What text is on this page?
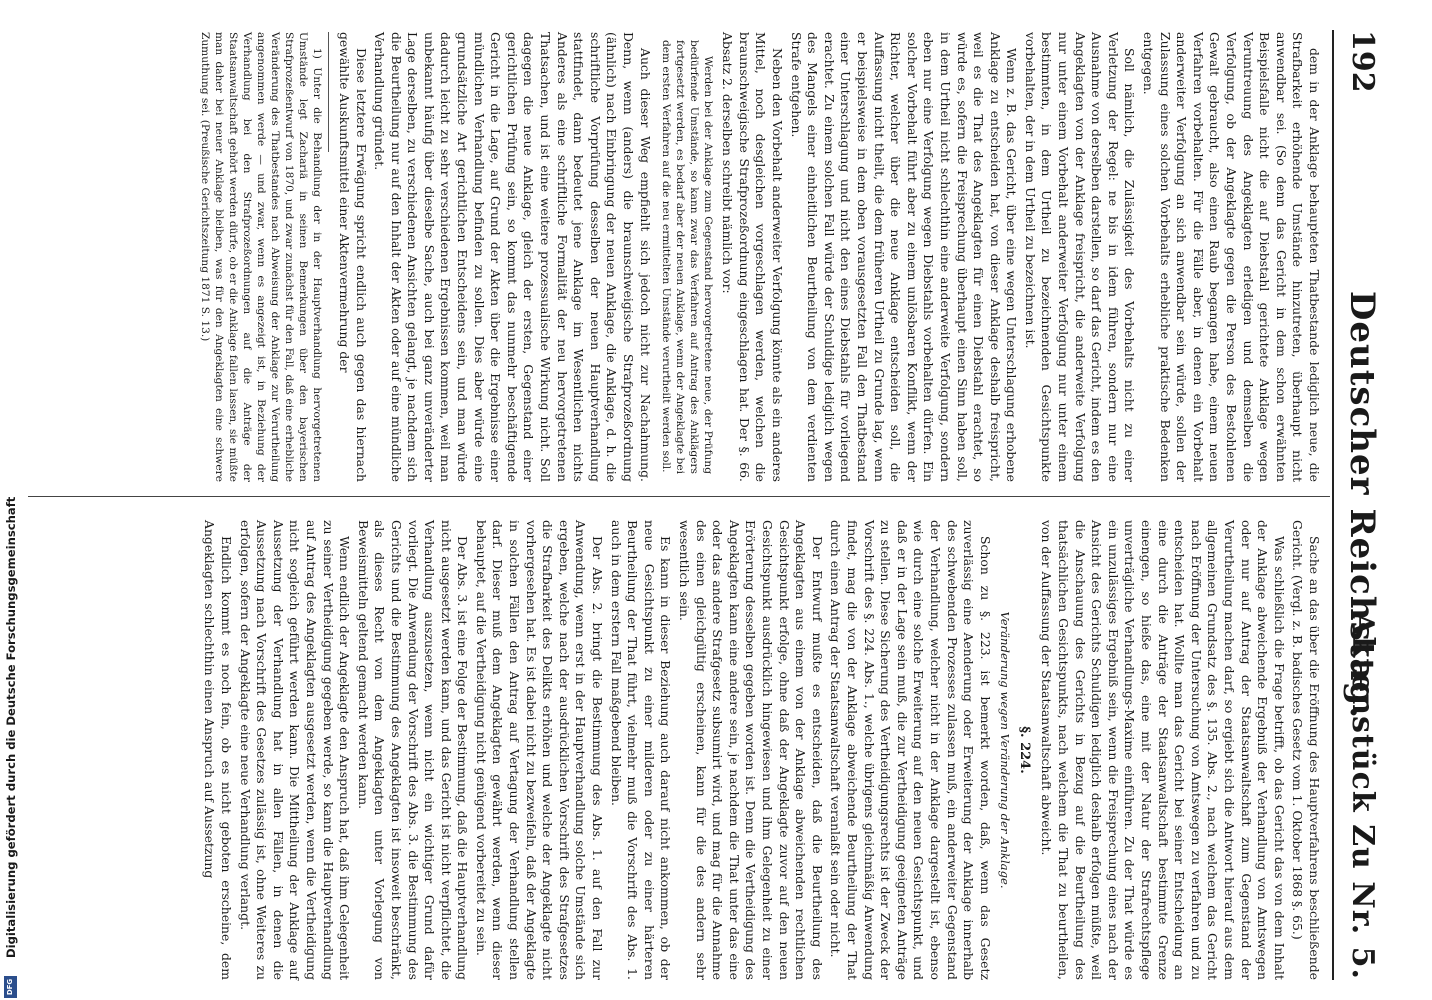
192
Deutscher Reichstag.
Aktenstück Zu Nr. 5.

dem in der Anklage behaupteten Thatbestande lediglich neue, die Strafbarkeit erhöhende Umstände hinzutreten, überhaupt nicht anwendbar sei. (So denn das Gericht in dem schon erwähnten Beispielsfalle nicht die auf Diebstahl gerichtete Anklage wegen Veruntreuung des Angeklagten erledigen und demselben die Verfolgung, ob der Angeklagte gegen die Person des Bestohlenen Gewalt gebraucht, also einen Raub begangen habe, einem neuen Verfahren vorbehalten. Für die Fälle aber, in denen ein Vorbehalt anderweiter Verfolgung an sich anwendbar sein würde, sollen der Zulassung eines solchen Vorbehalts erhebliche praktische Bedenken entgegen.

Soll nämlich, die Zulässigkeit des Vorbehalts nicht zu einer Verletzung der Regel: ne bis in idem führen, sondern nur eine Ausnahme von derselben darstellen, so darf das Gericht, indem es den Angeklagten von der Anklage freispricht, die anderweite Verfolgung nur unter einem Vorbehalt anderweiter Verfolgung nur unter einem bestimmten, in dem Urtheil zu bezeichnenden Gesichtspunkte vorbehalten, der in dem Urtheil zu bezeichnen ist.

Wenn z. B. das Gericht, über eine wegen Unterschlagung erhobene Anklage zu entscheiden hat, von dieser Anklage deshalb freispricht, weil es die That des Angeklagten für einen Diebstahl erachtet, so würde es, sofern die Freisprechung überhaupt einen Sinn haben soll, in dem Urtheil nicht schlechthin eine anderweite Verfolgung, sondern eben nur eine Verfolgung wegen Diebstahls vorbehalten dürfen. Ein solcher Vorbehalt führt aber zu einem unlösbaren Konflikt, wenn der Richter, welcher über die neue Anklage entscheiden soll, die Auffassung nicht theilt, die dem früheren Urtheil zu Grunde lag, wenn er beispielsweise in dem oben vorausgesetzten Fall den Thatbestand einer Unterschlagung und nicht den eines Diebstahls für vorliegend erachtet. Zu einem solchen Fall würde der Schuldige lediglich wegen des Mangels einer einheitlichen Beurtheilung von dem verdienten Strafe entgehen.

Neben den Vorbehalt anderweiter Verfolgung könnte als ein anderes Mittel, noch desgleichen vorgeschlagen werden, welchen die braunschweigische Strafprozeßordnung eingeschlagen hat. Der §. 66. Absatz 2. derselben schreibt nämlich vor:

Werden bei der Anklage zum Gegenstand hervorgetretene neue, der Prüfung bedürfende Umstände, so kann zwar das Verfahren auf Antrag des Anklägers fortgesetzt werden, es bedarf aber der neuen Anklage, wenn der Angeklagte bei dem ersten Verfahren auf die neu ermittelten Umstände verurtheilt werden soll.

Auch dieser Weg empfiehlt sich jedoch nicht zur Nachahmung. Denn, wenn (anders) die braunschweigische Strafprozeßordnung (ähnlich) nach Einbringung der neuen Anklage, die Anklage, d. h. die schriftliche Vorprüfung desselben der neuen Hauptverhandlung stattfindet, dann bedeutet jene Anklage im Wesentlichen nichts Anderes als eine schriftliche Formalität der neu hervorgetretenen Thatsachen, und ist eine weitere prozessualische Wirkung nicht. Soll dagegen die neue Anklage, gleich der ersten, Gegenstand einer gerichtlichen Prüfung sein, so kommt das nunmehr beschäftigende Gericht in die Lage, auf Grund der Akten über die Ergebnisse einer mündlichen Verhandlung befinden zu sollen. Dies aber würde eine grundsätzliche Art gerichtlichen Entscheidens sein, und man würde dadurch leicht zu sehr verschiedenen Ergebnissen kommen, weil man unbekannt häufig über dieselbe Sache, auch bei ganz unveränderter Lage derselben, zu verschiedenen Ansichten gelangt, je nachdem sich die Beurtheilung nur auf den Inhalt der Akten oder auf eine mündliche Verhandlung gründet.

Diese letztere Erwägung spricht endlich auch gegen das hiernach gewählte Auskunftsmittel einer Aktenvermehrung der

1) Unter die Behandlung der in der Hauptverhandlung hervorgetretenen Umstände legt Zachariä in seinen Bemerkungen über den bayerischen Strafprozeßentwurf von 1870, und zwar zunächst für den Fall, daß eine erhebliche Veränderung des Thatbestandes nach Abweisung der Anklage zur Verurtheilung angenommen werde — und zwar, wenn es angezeigt ist, in Beziehung der Verhandlung bei den Strafprozeßordnungen auf die Anträge der Staatsanwaltschaft gehört werden dürfe, ob er die Anklage fallen lassen, sie müßte man daher bei neuer Anklage bleiben, was für den Angeklagten eine schwere Zumuthung sei. (Preußische Gerichtszeitung 1871 S. 13.)

Sache an das über die Eröffnung des Hauptverfahrens beschließende Gericht. (Vergl. z. B. badisches Gesetz vom 1. Oktober 1868 §. 65.)

Was schließlich die Frage betrifft, ob das Gericht das von dem Inhalt der Anklage abweichende Ergebniß der Verhandlung von Amtswegen oder nur auf Antrag der Staatsanwaltschaft zum Gegenstand der Verurtheilung machen darf, so ergiebt sich die Antwort hierauf aus dem allgemeinen Grundsatz des §. 135. Abs. 2., nach welchem das Gericht nach Eröffnung der Untersuchung von Amtswegen zu verfahren und zu entscheiden hat. Wollte man das Gericht bei seiner Entscheidung an eine durch die Anträge der Staatsanwaltschaft bestimmte Grenze einengen, so hieße das, eine mit der Natur der Strafrechtspflege unverträgliche Verhandlungs-Maxime einführen. Zu der That würde es ein unzulässiges Ergebniß sein, wenn die Freisprechung eines nach der Ansicht des Gerichts Schuldigen lediglich deshalb erfolgen müßte, weil die Anschauung des Gerichts in Bezug auf die Beurtheilung des thatsächlichen Gesichtspunkts, nach welchem die That zu beurtheilen, von der Auffassung der Staatsanwaltschaft abweicht.

§. 224.
Veränderung wegen Veränderung der Anklage.

Schon zu §. 223. ist bemerkt worden, daß, wenn das Gesetz zuverlässig eine Aenderung oder Erweiterung der Anklage innerhalb des schwebenden Prozesses zulassen muß, ein anderweiter Gegenstand der Verhandlung, welcher nicht in der Anklage dargestellt ist, ebenso wie durch eine solche Erweiterung auf den neuen Gesichtspunkt, und daß er in der Lage sein muß, die zur Vertheidigung geeigneten Anträge zu stellen. Diese Sicherung des Vertheidigungsrechts ist der Zweck der Vorschrift des §. 224. Abs. 1., welche übrigens gleichmäßig Anwendung findet, mag die von der Anklage abweichende Beurtheilung der That durch einen Antrag der Staatsanwaltschaft veranlaßt sein oder nicht.

Der Entwurf mußte es entscheiden, daß die Beurtheilung des Angeklagten aus einem von der Anklage abweichenden rechtlichen Gesichtspunkt erfolge, ohne daß der Angeklagte zuvor auf den neuen Gesichtspunkt ausdrücklich hingewiesen und ihm Gelegenheit zu einer Erörterung desselben gegeben worden ist. Denn die Vertheidigung des Angeklagten kann eine andere sein, je nachdem die That unter das eine oder das andere Strafgesetz subsumirt wird, und mag für die Annahme des einen gleichgültig erscheinen, kann für die des andern sehr wesentlich sein.

Es kann in dieser Beziehung auch darauf nicht ankommen, ob der neue Gesichtspunkt zu einer milderen oder zu einer härteren Beurtheilung der That führt, vielmehr muß die Vorschrift des Abs. 1. auch in dem erstern Fall maßgebend bleiben.

Der Abs. 2. bringt die Bestimmung des Abs. 1. auf den Fall zur Anwendung, wenn erst in der Hauptverhandlung solche Umstände sich ergeben, welche nach der ausdrücklichen Vorschrift des Strafgesetzes die Strafbarkeit des Delikts erhöhen und welche der Angeklagte nicht vorhergesehen hat. Es ist dabei nicht zu bezweifeln, daß der Angeklagte in solchen Fällen den Antrag auf Vertagung der Verhandlung stellen darf. Dieser muß dem Angeklagten gewährt werden, wenn dieser behauptet, auf die Vertheidigung nicht genügend vorbereitet zu sein.

Der Abs. 3. ist eine Folge der Bestimmung, daß die Hauptverhandlung nicht ausgesetzt werden kann, und das Gericht ist nicht verpflichtet, die Verhandlung auszusetzen, wenn nicht ein wichtiger Grund dafür vorliegt. Die Anwendung der Vorschrift des Abs. 3. die Bestimmung des Gerichts und die Bestimmung des Angeklagten ist insoweit beschränkt, als dieses Recht von dem Angeklagten unter Vorlegung von Beweismitteln geltend gemacht werden kann.

Wenn endlich der Angeklagte den Anspruch hat, daß ihm Gelegenheit zu seiner Vertheidigung gegeben werde, so kann die Hauptverhandlung auf Antrag des Angeklagten ausgesetzt werden, wenn die Vertheidigung nicht sogleich geführt werden kann. Die Mittheilung der Anklage auf Aussetzung der Verhandlung hat in allen Fällen, in denen die Aussetzung nach Vorschrift des Gesetzes zulässig ist, ohne Weiteres zu erfolgen, sofern der Angeklagte eine neue Verhandlung verlangt.

Endlich kommt es noch fein, ob es nicht geboten erscheine, dem Angeklagten schlechthin einen Anspruch auf Aussetzung

Digitalisierung gefördert durch die Deutsche Forschungsgemeinschaft
DFG
